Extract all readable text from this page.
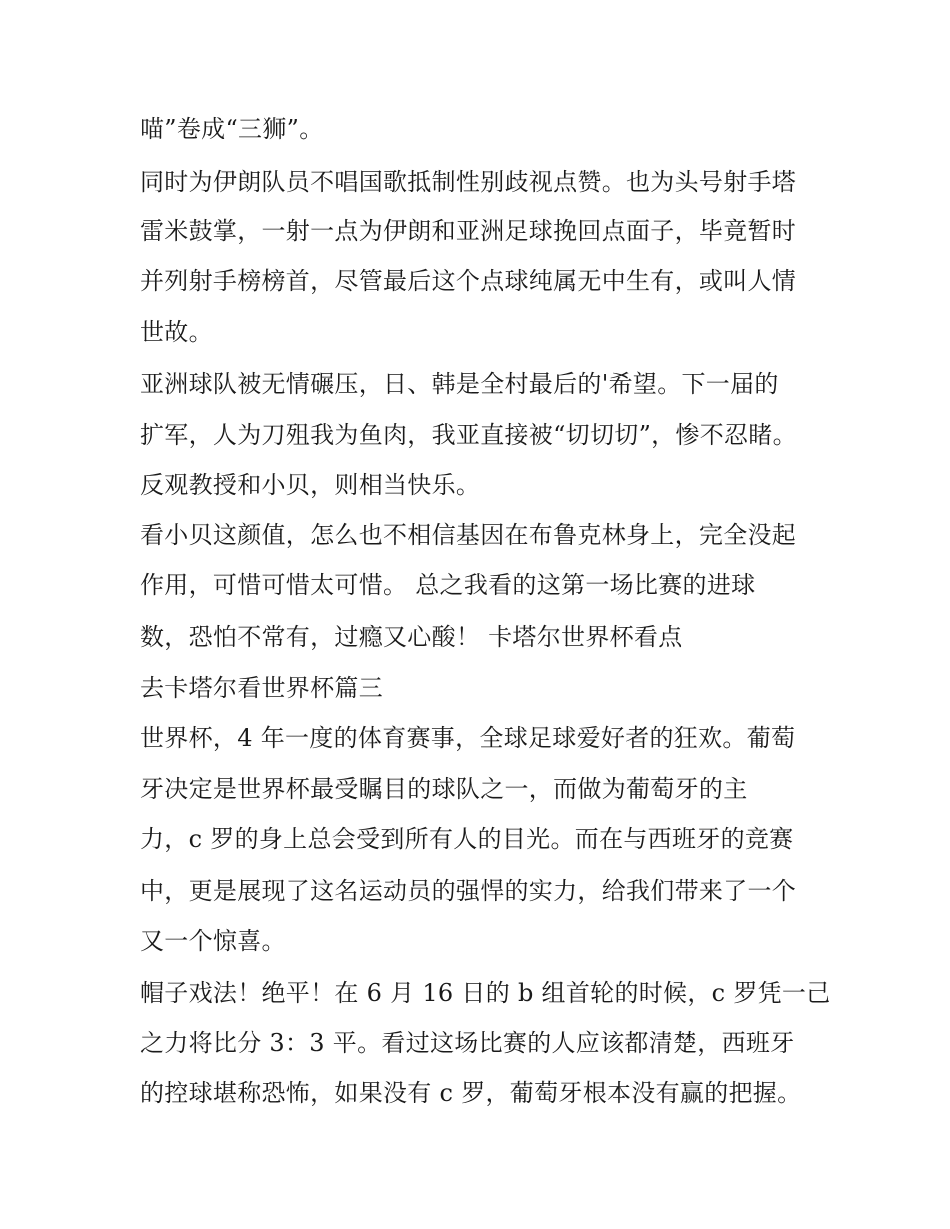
喵”卷成“三狮”。
同时为伊朗队员不唱国歌抵制性别歧视点赞。也为头号射手塔
雷米鼓掌，一射一点为伊朗和亚洲足球挽回点面子，毕竟暂时
并列射手榜榜首，尽管最后这个点球纯属无中生有，或叫人情
世故。
亚洲球队被无情碾压，日、韩是全村最后的'希望。下一届的
扩军，人为刀殂我为鱼肉，我亚直接被“切切切”，惨不忍睹。
反观教授和小贝，则相当快乐。
看小贝这颜值，怎么也不相信基因在布鲁克林身上，完全没起
作用，可惜可惜太可惜。 总之我看的这第一场比赛的进球
数，恐怕不常有，过瘾又心酸！ 卡塔尔世界杯看点
去卡塔尔看世界杯篇三
世界杯，4 年一度的体育赛事，全球足球爱好者的狂欢。葡萄
牙决定是世界杯最受瞩目的球队之一，而做为葡萄牙的主
力，c 罗的身上总会受到所有人的目光。而在与西班牙的竞赛
中，更是展现了这名运动员的强悍的实力，给我们带来了一个
又一个惊喜。
帽子戏法！绝平！在 6 月 16 日的 b 组首轮的时候，c 罗凭一己
之力将比分 3：3 平。看过这场比赛的人应该都清楚，西班牙
的控球堪称恐怖，如果没有 c 罗，葡萄牙根本没有赢的把握。
